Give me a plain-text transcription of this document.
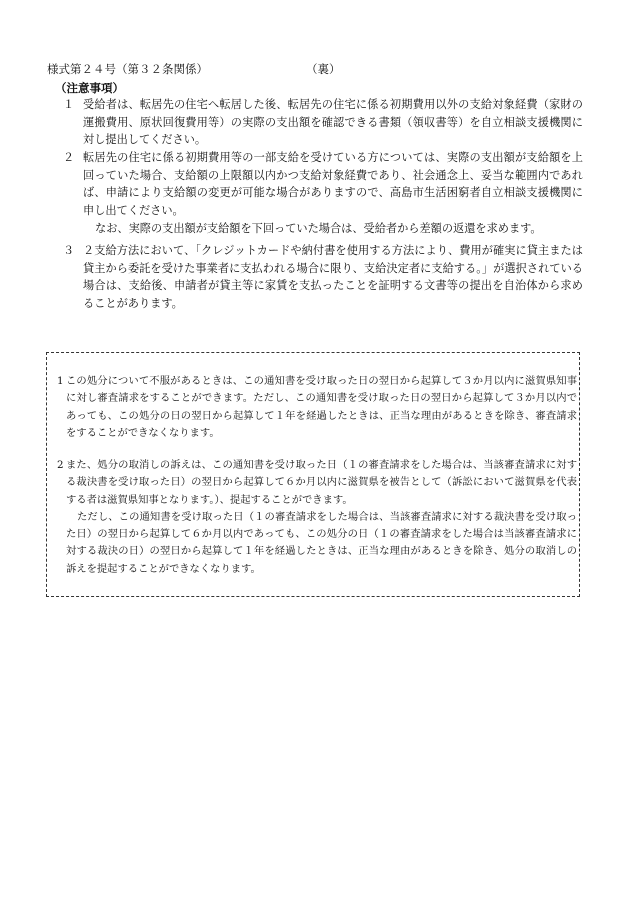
様式第２４号（第３２条関係）	（裏）
（注意事項）
１ 受給者は、転居先の住宅へ転居した後、転居先の住宅に係る初期費用以外の支給対象経費（家財の運搬費用、原状回復費用等）の実際の支出額を確認できる書類（領収書等）を自立相談支援機関に対し提出してください。
２ 転居先の住宅に係る初期費用等の一部支給を受けている方については、実際の支出額が支給額を上回っていた場合、支給額の上限額以内かつ支給対象経費であり、社会通念上、妥当な範囲内であれば、申請により支給額の変更が可能な場合がありますので、高島市生活困窮者自立相談支援機関に申し出てください。
なお、実際の支出額が支給額を下回っていた場合は、受給者から差額の返還を求めます。
３ ２支給方法において、「クレジットカードや納付書を使用する方法により、費用が確実に貸主または貸主から委託を受けた事業者に支払われる場合に限り、支給決定者に支給する。」が選択されている場合は、支給後、申請者が貸主等に家賃を支払ったことを証明する文書等の提出を自治体から求めることがあります。
1 この処分について不服があるときは、この通知書を受け取った日の翌日から起算して３か月以内に滋賀県知事に対し審査請求をすることができます。ただし、この通知書を受け取った日の翌日から起算して３か月以内であっても、この処分の日の翌日から起算して１年を経過したときは、正当な理由があるときを除き、審査請求をすることができなくなります。
2 また、処分の取消しの訴えは、この通知書を受け取った日（１の審査請求をした場合は、当該審査請求に対する裁決書を受け取った日）の翌日から起算して６か月以内に滋賀県を被告として（訴訟において滋賀県を代表する者は滋賀県知事となります。）、提起することができます。
ただし、この通知書を受け取った日（１の審査請求をした場合は、当該審査請求に対する裁決書を受け取った日）の翌日から起算して６か月以内であっても、この処分の日（１の審査請求をした場合は当該審査請求に対する裁決の日）の翌日から起算して１年を経過したときは、正当な理由があるときを除き、処分の取消しの訴えを提起することができなくなります。
